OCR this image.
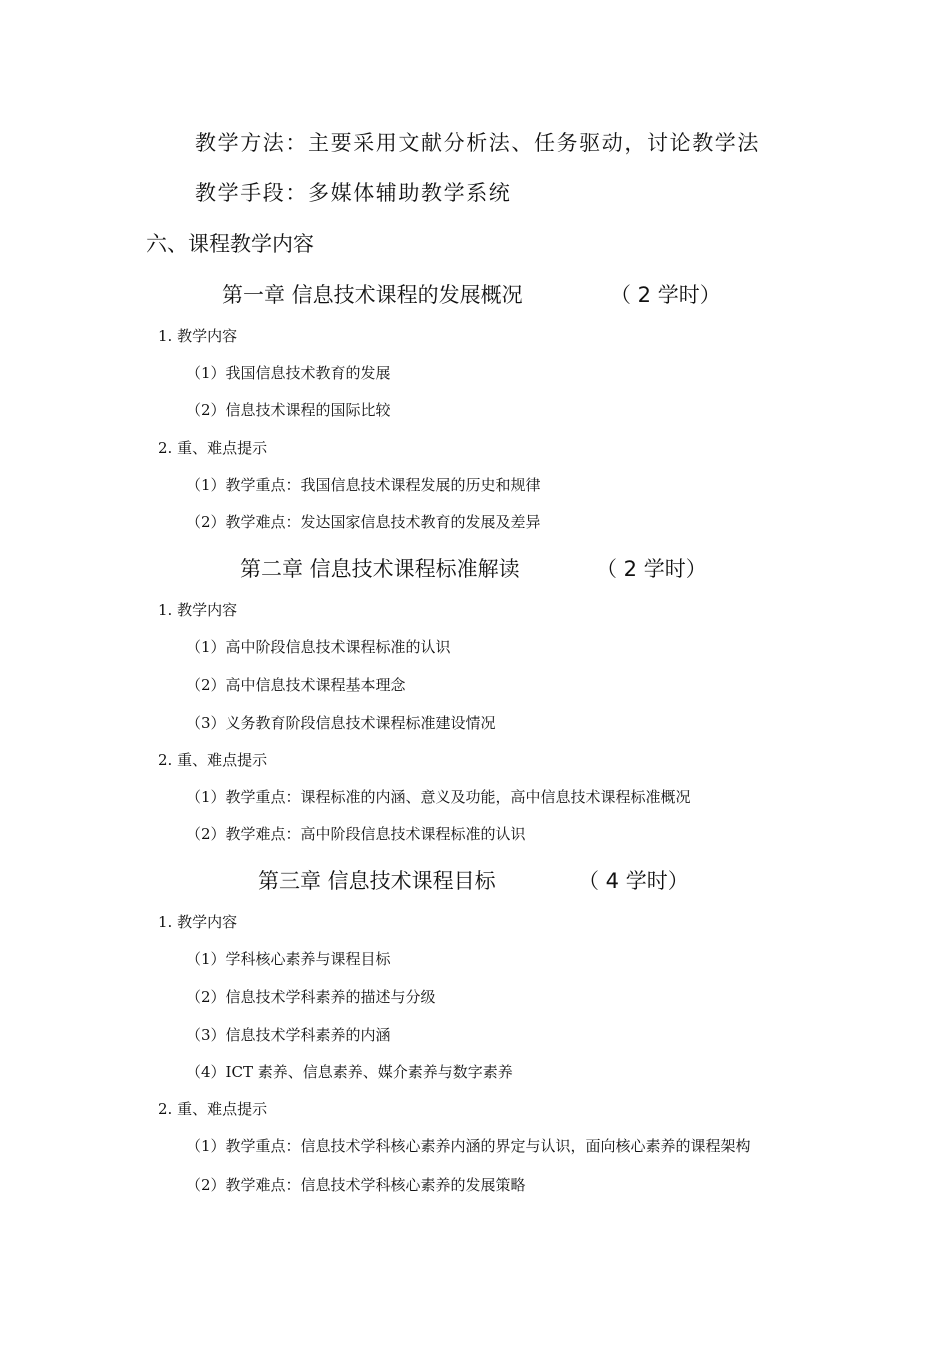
教学方法：主要采用文献分析法、任务驱动，讨论教学法
教学手段：多媒体辅助教学系统
六、课程教学内容
第一章 信息技术课程的发展概况	（ 2 学时）
1. 教学内容
（1）我国信息技术教育的发展
（2）信息技术课程的国际比较
2. 重、难点提示
（1）教学重点：我国信息技术课程发展的历史和规律
（2）教学难点：发达国家信息技术教育的发展及差异
第二章 信息技术课程标准解读	（ 2 学时）
1. 教学内容
（1）高中阶段信息技术课程标准的认识
（2）高中信息技术课程基本理念
（3）义务教育阶段信息技术课程标准建设情况
2. 重、难点提示
（1）教学重点：课程标准的内涵、意义及功能，高中信息技术课程标准概况
（2）教学难点：高中阶段信息技术课程标准的认识
第三章 信息技术课程目标	（ 4 学时）
1. 教学内容
（1）学科核心素养与课程目标
（2）信息技术学科素养的描述与分级
（3）信息技术学科素养的内涵
（4）ICT 素养、信息素养、媒介素养与数字素养
2. 重、难点提示
（1）教学重点：信息技术学科核心素养内涵的界定与认识，面向核心素养的课程架构
（2）教学难点：信息技术学科核心素养的发展策略
